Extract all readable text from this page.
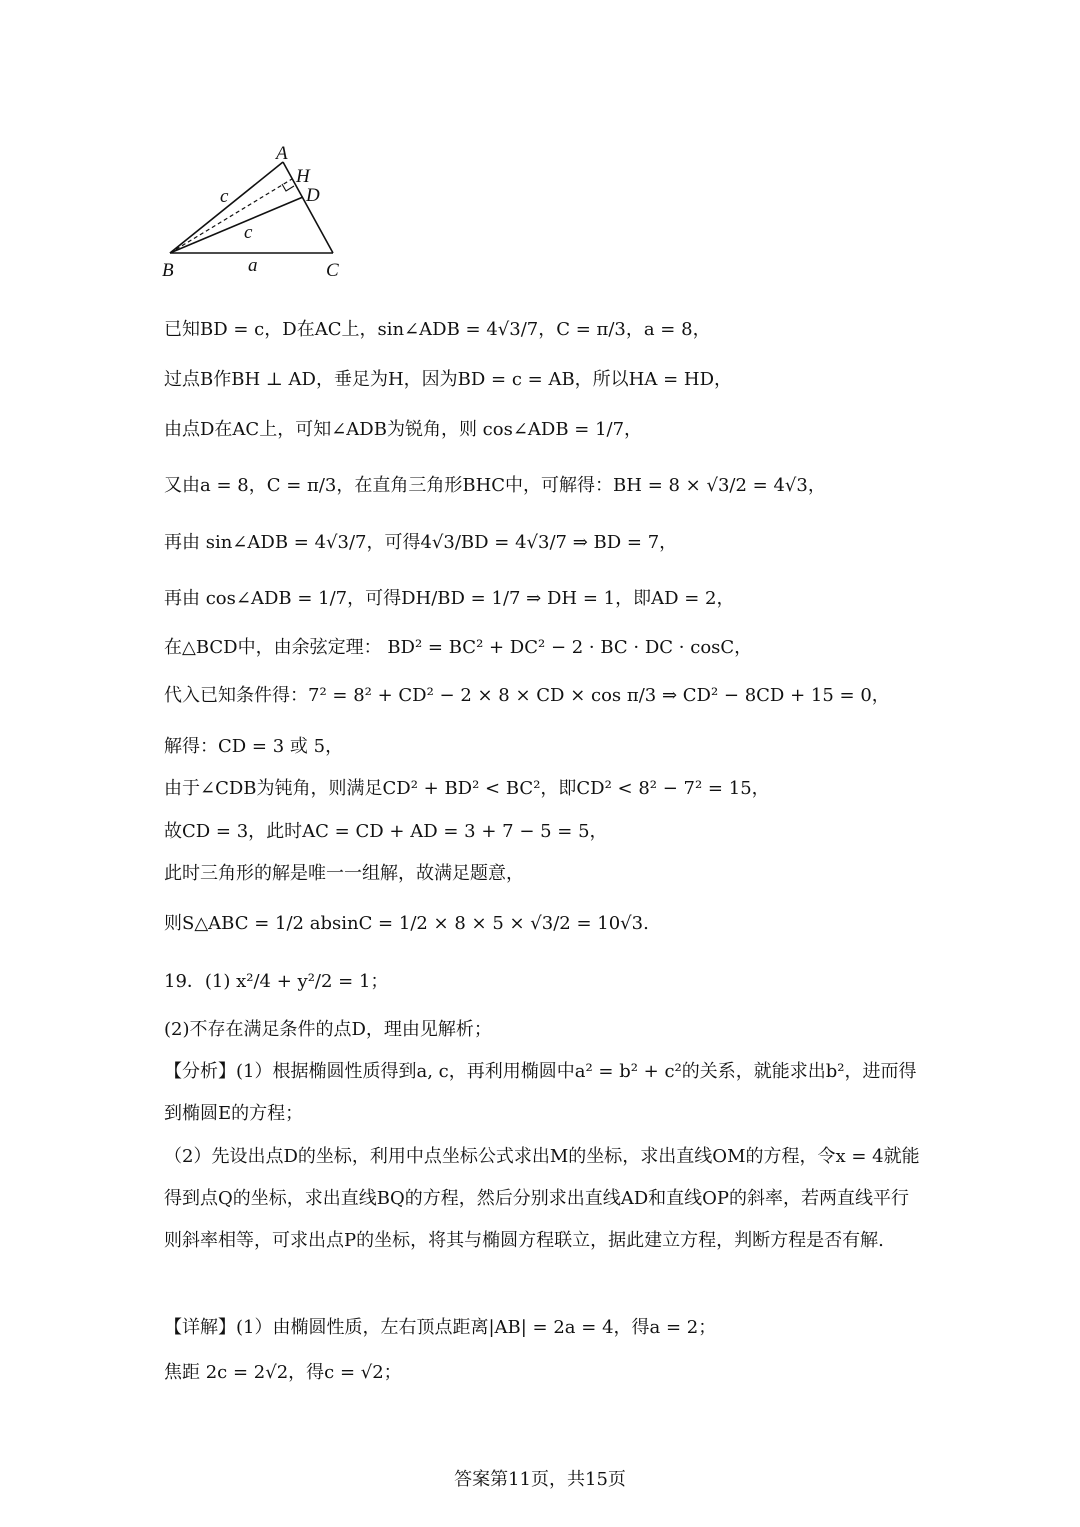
A
H
D
B	C
c
c
a
已知BD = c，D在AC上，sin∠ADB = 4√3/7，C = π/3，a = 8，
过点B作BH ⊥ AD，垂足为H，因为BD = c = AB，所以HA = HD，
由点D在AC上，可知∠ADB为锐角，则 cos∠ADB = 1/7，
又由a = 8，C = π/3，在直角三角形BHC中，可解得：BH = 8 × √3/2 = 4√3，
再由 sin∠ADB = 4√3/7，可得4√3/BD = 4√3/7 ⇒ BD = 7，
再由 cos∠ADB = 1/7，可得DH/BD = 1/7 ⇒ DH = 1，即AD = 2，
在△BCD中，由余弦定理： BD² = BC² + DC² − 2 · BC · DC · cosC，
代入已知条件得：7² = 8² + CD² − 2 × 8 × CD × cos π/3 ⇒ CD² − 8CD + 15 = 0，
解得：CD = 3 或 5，
由于∠CDB为钝角，则满足CD² + BD² < BC²，即CD² < 8² − 7² = 15，
故CD = 3，此时AC = CD + AD = 3 + 7 − 5 = 5，
此时三角形的解是唯一一组解，故满足题意，
则S△ABC = 1/2 absinC = 1/2 × 8 × 5 × √3/2 = 10√3.
19．(1) x²/4 + y²/2 = 1；
(2)不存在满足条件的点D，理由见解析；
【分析】(1）根据椭圆性质得到a, c，再利用椭圆中a² = b² + c²的关系，就能求出b²，进而得到椭圆E的方程；
（2）先设出点D的坐标，利用中点坐标公式求出M的坐标，求出直线OM的方程，令x = 4就能得到点Q的坐标，求出直线BQ的方程，然后分别求出直线AD和直线OP的斜率，若两直线平行则斜率相等，可求出点P的坐标，将其与椭圆方程联立，据此建立方程，判断方程是否有解.
【详解】(1）由椭圆性质，左右顶点距离|AB| = 2a = 4，得a = 2；
焦距 2c = 2√2，得c = √2；
答案第11页，共15页
